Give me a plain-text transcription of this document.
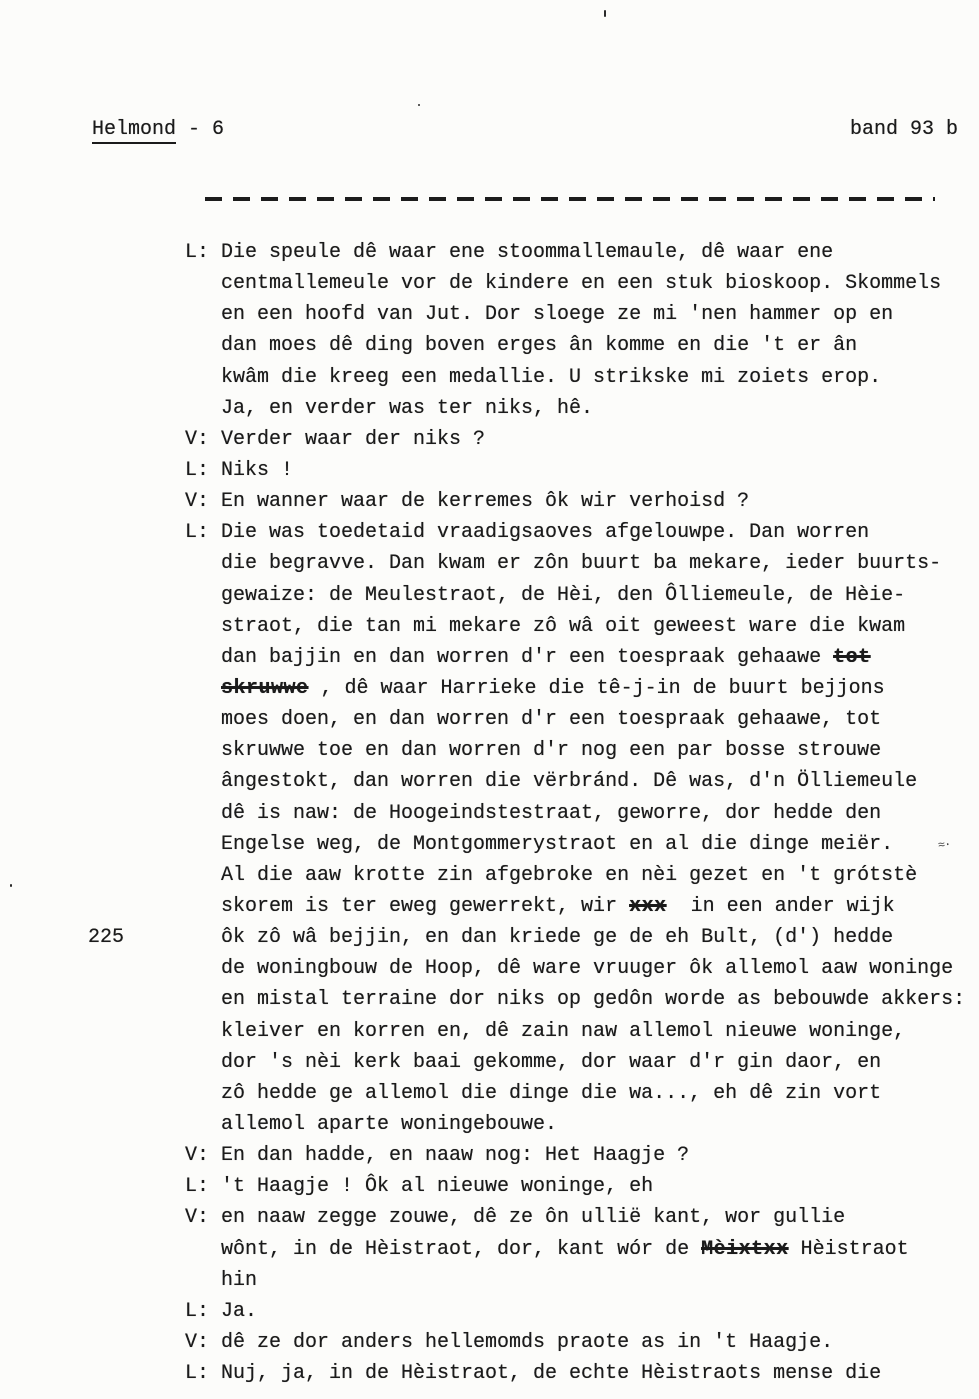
Helmond - 6	band 93 b
L: Die speule dê waar ene stoommallemaule, dê waar ene
centmallemeule vor de kindere en een stuk bioskoop. Skommels
en een hoofd van Jut. Dor sloege ze mi 'nen hammer op en
dan moes dê ding boven erges ân komme en die 't er ân
kwâm die kreeg een medallie. U strikske mi zoiets erop.
Ja, en verder was ter niks, hê.
V: Verder waar der niks ?
L: Niks !
V: En wanner waar de kerremes ôk wir verhoisd ?
L: Die was toedetaid vraadigsaoves afgelouwpe. Dan worren
die begravve. Dan kwam er zôn buurt ba mekare, ieder buurts-
gewaize: de Meulestraot, de Hèi, den Ôlliemeule, de Hèie-
straot, die tan mi mekare zô wâ oit geweest ware die kwam
dan bajjin en dan worren d'r een toespraak gehaawe tot
skruwwe , dê waar Harrieke die tê-j-in de buurt bejjons
moes doen, en dan worren d'r een toespraak gehaawe, tot
skruwwe toe en dan worren d'r nog een par bosse strouwe
ângestokt, dan worren die vërbránd. Dê was, d'n Ölliemeule
dê is naw: de Hoogeindstestraat, geworre, dor hedde den
Engelse weg, de Montgommerystraot en al die dinge meiër.
Al die aaw krotte zin afgebroke en nèi gezet en 't grótstè
skorem is ter eweg gewerrekt, wir xxx  in een ander wijk
225	ôk zô wâ bejjin, en dan kriede ge de eh Bult, (d') hedde
de woningbouw de Hoop, dê ware vruuger ôk allemol aaw woninge
en mistal terraine dor niks op gedôn worde as bebouwde akkers:
kleiver en korren en, dê zain naw allemol nieuwe woninge,
dor 's nèi kerk baai gekomme, dor waar d'r gin daor, en
zô hedde ge allemol die dinge die wa..., eh dê zin vort
allemol aparte woningebouwe.
V: En dan hadde, en naaw nog: Het Haagje ?
L: 't Haagje ! Ôk al nieuwe woninge, eh
V: en naaw zegge zouwe, dê ze ôn ullië kant, wor gullie
wônt, in de Hèistraot, dor, kant wór de Mèixtxx Hèistraot
hin
L: Ja.
V: dê ze dor anders hellemomds praote as in 't Haagje.
L: Nuj, ja, in de Hèistraot, de echte Hèistraots mense die
≈·
